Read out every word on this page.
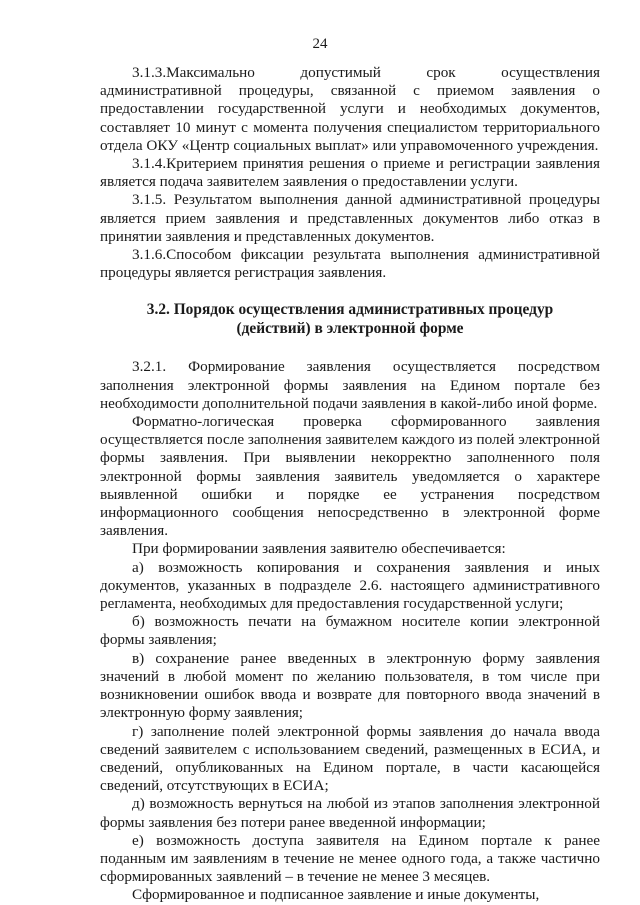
24

3.1.3.Максимально допустимый срок осуществления административной процедуры, связанной с приемом заявления о предоставлении государственной услуги и необходимых документов, составляет 10 минут с момента получения специалистом территориального отдела ОКУ «Центр социальных выплат» или управомоченного учреждения.

3.1.4.Критерием принятия решения о приеме и регистрации заявления является подача заявителем заявления о предоставлении услуги.

3.1.5. Результатом выполнения данной административной процедуры является прием заявления и представленных документов либо отказ в принятии заявления и представленных документов.

3.1.6.Способом фиксации результата выполнения административной процедуры является регистрация заявления.

3.2. Порядок осуществления административных процедур
(действий) в электронной форме

3.2.1. Формирование заявления осуществляется посредством заполнения электронной формы заявления на Едином портале без необходимости дополнительной подачи заявления в какой-либо иной форме.

Форматно-логическая проверка сформированного заявления осуществляется после заполнения заявителем каждого из полей электронной формы заявления. При выявлении некорректно заполненного поля электронной формы заявления заявитель уведомляется о характере выявленной ошибки и порядке ее устранения посредством информационного сообщения непосредственно в электронной форме заявления.

При формировании заявления заявителю обеспечивается:

а) возможность копирования и сохранения заявления и иных документов, указанных в подразделе 2.6. настоящего административного регламента, необходимых для предоставления государственной услуги;

б) возможность печати на бумажном носителе копии электронной формы заявления;

в) сохранение ранее введенных в электронную форму заявления значений в любой момент по желанию пользователя, в том числе при возникновении ошибок ввода и возврате для повторного ввода значений в электронную форму заявления;

г) заполнение полей электронной формы заявления до начала ввода сведений заявителем с использованием сведений, размещенных в ЕСИА, и сведений, опубликованных на Едином портале, в части касающейся сведений, отсутствующих в ЕСИА;

д) возможность вернуться на любой из этапов заполнения электронной формы заявления без потери ранее введенной информации;

е) возможность доступа заявителя на Едином портале к ранее поданным им заявлениям в течение не менее одного года, а также частично сформированных заявлений – в течение не менее 3 месяцев.

Сформированное и подписанное заявление и иные документы,
